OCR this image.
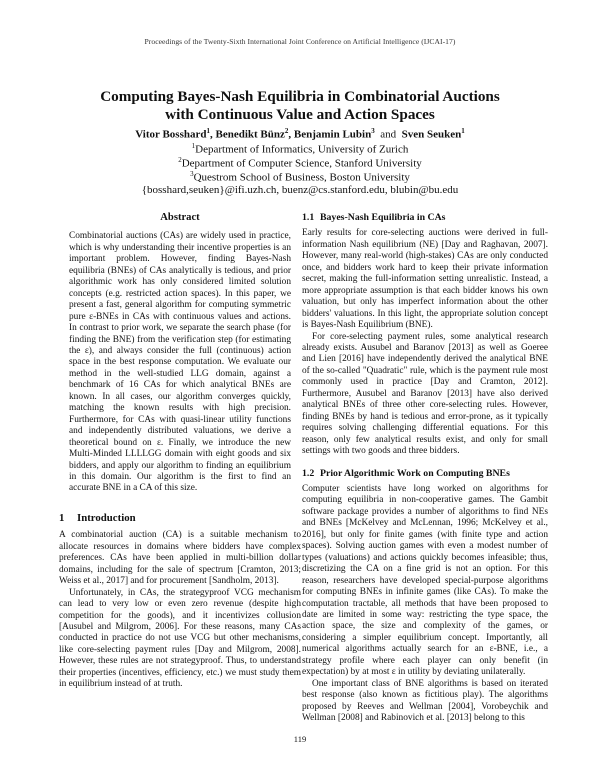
Proceedings of the Twenty-Sixth International Joint Conference on Artificial Intelligence (IJCAI-17)
Computing Bayes-Nash Equilibria in Combinatorial Auctions
with Continuous Value and Action Spaces
Vitor Bosshard$^1$, Benedikt Bünz$^2$, Benjamin Lubin$^3$ and Sven Seuken$^1$
$^1$Department of Informatics, University of Zurich
$^2$Department of Computer Science, Stanford University
$^3$Questrom School of Business, Boston University
{bosshard,seuken}@ifi.uzh.ch, buenz@cs.stanford.edu, blubin@bu.edu
Abstract

Combinatorial auctions (CAs) are widely used in practice, which is why understanding their incentive properties is an important problem. However, finding Bayes-Nash equilibria (BNEs) of CAs analytically is tedious, and prior algorithmic work has only considered limited solution concepts (e.g. restricted action spaces). In this paper, we present a fast, general algorithm for computing symmetric pure ε-BNEs in CAs with continuous values and actions. In contrast to prior work, we separate the search phase (for finding the BNE) from the verification step (for estimating the ε), and always consider the full (continuous) action space in the best response computation. We evaluate our method in the well-studied LLG domain, against a benchmark of 16 CAs for which analytical BNEs are known. In all cases, our algorithm converges quickly, matching the known results with high precision. Furthermore, for CAs with quasi-linear utility functions and independently distributed valuations, we derive a theoretical bound on ε. Finally, we introduce the new Multi-Minded LLLLGG domain with eight goods and six bidders, and apply our algorithm to finding an equilibrium in this domain. Our algorithm is the first to find an accurate BNE in a CA of this size.

1 Introduction

A combinatorial auction (CA) is a suitable mechanism to allocate resources in domains where bidders have complex preferences. CAs have been applied in multi-billion dollar domains, including for the sale of spectrum [Cramton, 2013; Weiss et al., 2017] and for procurement [Sandholm, 2013].

Unfortunately, in CAs, the strategyproof VCG mechanism can lead to very low or even zero revenue (despite high competition for the goods), and it incentivizes collusion [Ausubel and Milgrom, 2006]. For these reasons, many CAs conducted in practice do not use VCG but other mechanisms, like core-selecting payment rules [Day and Milgrom, 2008]. However, these rules are not strategyproof. Thus, to understand their properties (incentives, efficiency, etc.) we must study them in equilibrium instead of at truth.

1.1 Bayes-Nash Equilibria in CAs

Early results for core-selecting auctions were derived in full-information Nash equilibrium (NE) [Day and Raghavan, 2007]. However, many real-world (high-stakes) CAs are only conducted once, and bidders work hard to keep their private information secret, making the full-information setting unrealistic. Instead, a more appropriate assumption is that each bidder knows his own valuation, but only has imperfect information about the other bidders' valuations. In this light, the appropriate solution concept is Bayes-Nash Equilibrium (BNE).

For core-selecting payment rules, some analytical research already exists. Ausubel and Baranov [2013] as well as Goeree and Lien [2016] have independently derived the analytical BNE of the so-called "Quadratic" rule, which is the payment rule most commonly used in practice [Day and Cramton, 2012]. Furthermore, Ausubel and Baranov [2013] have also derived analytical BNEs of three other core-selecting rules. However, finding BNEs by hand is tedious and error-prone, as it typically requires solving challenging differential equations. For this reason, only few analytical results exist, and only for small settings with two goods and three bidders.

1.2 Prior Algorithmic Work on Computing BNEs

Computer scientists have long worked on algorithms for computing equilibria in non-cooperative games. The Gambit software package provides a number of algorithms to find NEs and BNEs [McKelvey and McLennan, 1996; McKelvey et al., 2016], but only for finite games (with finite type and action spaces). Solving auction games with even a modest number of types (valuations) and actions quickly becomes infeasible; thus, discretizing the CA on a fine grid is not an option. For this reason, researchers have developed special-purpose algorithms for computing BNEs in infinite games (like CAs). To make the computation tractable, all methods that have been proposed to date are limited in some way: restricting the type space, the action space, the size and complexity of the games, or considering a simpler equilibrium concept. Importantly, all numerical algorithms actually search for an ε-BNE, i.e., a strategy profile where each player can only benefit (in expectation) by at most ε in utility by deviating unilaterally.

One important class of BNE algorithms is based on iterated best response (also known as fictitious play). The algorithms proposed by Reeves and Wellman [2004], Vorobeychik and Wellman [2008] and Rabinovich et al. [2013] belong to this

119
